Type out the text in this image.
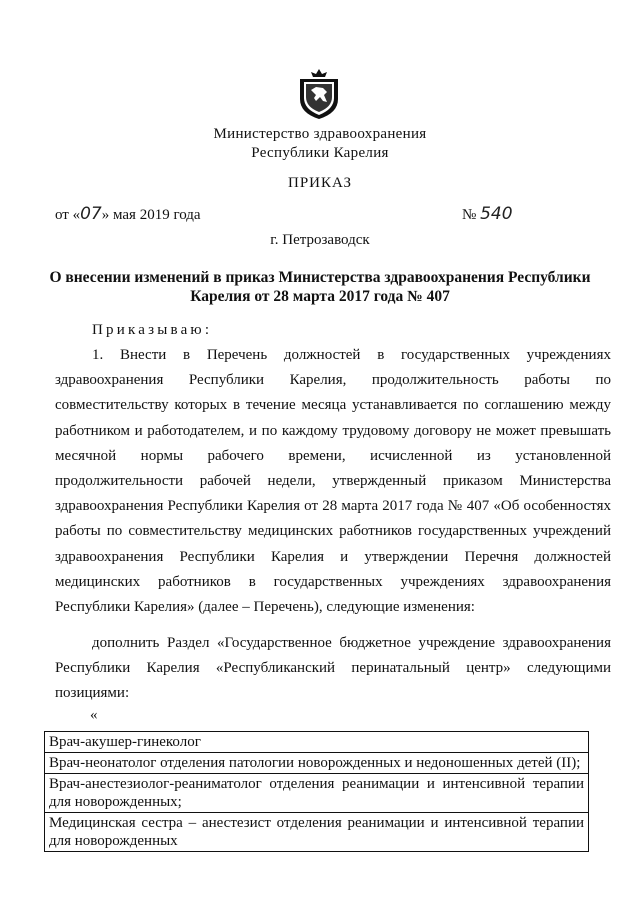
Министерство здравоохранения
Республики Карелия
ПРИКАЗ
от «07» мая 2019 года	№ 540
г. Петрозаводск
О внесении изменений в приказ Министерства здравоохранения Республики Карелия от 28 марта 2017 года № 407
Приказываю:
1. Внести в Перечень должностей в государственных учреждениях здравоохранения Республики Карелия, продолжительность работы по совместительству которых в течение месяца устанавливается по соглашению между работником и работодателем, и по каждому трудовому договору не может превышать месячной нормы рабочего времени, исчисленной из установленной продолжительности рабочей недели, утвержденный приказом Министерства здравоохранения Республики Карелия от 28 марта 2017 года № 407 «Об особенностях работы по совместительству медицинских работников государственных учреждений здравоохранения Республики Карелия и утверждении Перечня должностей медицинских работников в государственных учреждениях здравоохранения Республики Карелия» (далее – Перечень), следующие изменения:
дополнить Раздел «Государственное бюджетное учреждение здравоохранения Республики Карелия «Республиканский перинатальный центр» следующими позициями:
«
Врач-акушер-гинеколог
Врач-неонатолог отделения патологии новорожденных и недоношенных детей (II);
Врач-анестезиолог-реаниматолог отделения реанимации и интенсивной терапии для новорожденных;
Медицинская сестра – анестезист отделения реанимации и интенсивной терапии для новорожденных
